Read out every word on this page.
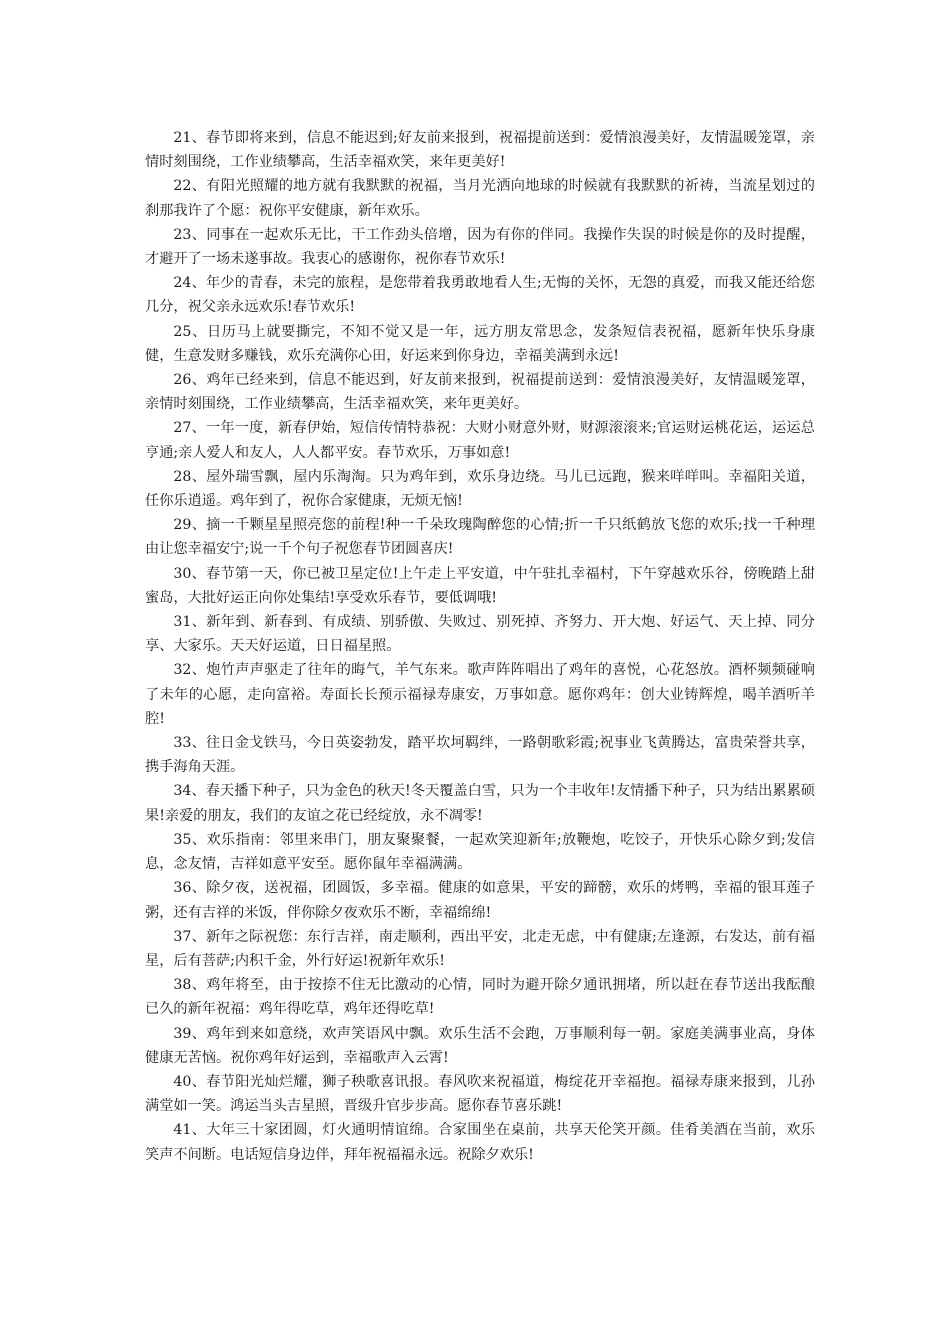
21、春节即将来到，信息不能迟到;好友前来报到，祝福提前送到：爱情浪漫美好，友情温暖笼罩，亲情时刻围绕，工作业绩攀高，生活幸福欢笑，来年更美好!

22、有阳光照耀的地方就有我默默的祝福，当月光洒向地球的时候就有我默默的祈祷，当流星划过的刹那我许了个愿：祝你平安健康，新年欢乐。

23、同事在一起欢乐无比，干工作劲头倍增，因为有你的伴同。我操作失误的时候是你的及时提醒，才避开了一场未遂事故。我衷心的感谢你，祝你春节欢乐!

24、年少的青春，未完的旅程，是您带着我勇敢地看人生;无悔的关怀，无怨的真爱，而我又能还给您几分，祝父亲永远欢乐!春节欢乐!

25、日历马上就要撕完，不知不觉又是一年，远方朋友常思念，发条短信表祝福，愿新年快乐身康健，生意发财多赚钱，欢乐充满你心田，好运来到你身边，幸福美满到永远!

26、鸡年已经来到，信息不能迟到，好友前来报到，祝福提前送到：爱情浪漫美好，友情温暖笼罩，亲情时刻围绕，工作业绩攀高，生活幸福欢笑，来年更美好。

27、一年一度，新春伊始，短信传情特恭祝：大财小财意外财，财源滚滚来;官运财运桃花运，运运总亨通;亲人爱人和友人，人人都平安。春节欢乐，万事如意!

28、屋外瑞雪飘，屋内乐淘淘。只为鸡年到，欢乐身边绕。马儿已远跑，猴来咩咩叫。幸福阳关道，任你乐逍遥。鸡年到了，祝你合家健康，无烦无恼!

29、摘一千颗星星照亮您的前程!种一千朵玫瑰陶醉您的心情;折一千只纸鹤放飞您的欢乐;找一千种理由让您幸福安宁;说一千个句子祝您春节团圆喜庆!

30、春节第一天，你已被卫星定位!上午走上平安道，中午驻扎幸福村，下午穿越欢乐谷，傍晚踏上甜蜜岛，大批好运正向你处集结!享受欢乐春节，要低调哦!

31、新年到、新春到、有成绩、别骄傲、失败过、别死掉、齐努力、开大炮、好运气、天上掉、同分享、大家乐。天天好运道，日日福星照。

32、炮竹声声驱走了往年的晦气，羊气东来。歌声阵阵唱出了鸡年的喜悦，心花怒放。酒杯频频碰响了未年的心愿，走向富裕。寿面长长预示福禄寿康安，万事如意。愿你鸡年：创大业铸辉煌，喝羊酒听羊腔!

33、往日金戈铁马，今日英姿勃发，踏平坎坷羁绊，一路朝歌彩霞;祝事业飞黄腾达，富贵荣誉共享，携手海角天涯。

34、春天播下种子，只为金色的秋天!冬天覆盖白雪，只为一个丰收年!友情播下种子，只为结出累累硕果!亲爱的朋友，我们的友谊之花已经绽放，永不凋零!

35、欢乐指南：邻里来串门，朋友聚聚餐，一起欢笑迎新年;放鞭炮，吃饺子，开快乐心除夕到;发信息，念友情，吉祥如意平安至。愿你鼠年幸福满满。

36、除夕夜，送祝福，团圆饭，多幸福。健康的如意果，平安的蹄髈，欢乐的烤鸭，幸福的银耳莲子粥，还有吉祥的米饭，伴你除夕夜欢乐不断，幸福绵绵!

37、新年之际祝您：东行吉祥，南走顺利，西出平安，北走无虑，中有健康;左逢源，右发达，前有福星，后有菩萨;内积千金，外行好运!祝新年欢乐!

38、鸡年将至，由于按捺不住无比激动的心情，同时为避开除夕通讯拥堵，所以赶在春节送出我酝酿已久的新年祝福：鸡年得吃草，鸡年还得吃草!

39、鸡年到来如意绕，欢声笑语风中飘。欢乐生活不会跑，万事顺利每一朝。家庭美满事业高，身体健康无苦恼。祝你鸡年好运到，幸福歌声入云霄!

40、春节阳光灿烂耀，狮子秧歌喜讯报。春风吹来祝福道，梅绽花开幸福抱。福禄寿康来报到，儿孙满堂如一笑。鸿运当头吉星照，晋级升官步步高。愿你春节喜乐跳!

41、大年三十家团圆，灯火通明情谊绵。合家围坐在桌前，共享天伦笑开颜。佳肴美酒在当前，欢乐笑声不间断。电话短信身边伴，拜年祝福福永远。祝除夕欢乐!
